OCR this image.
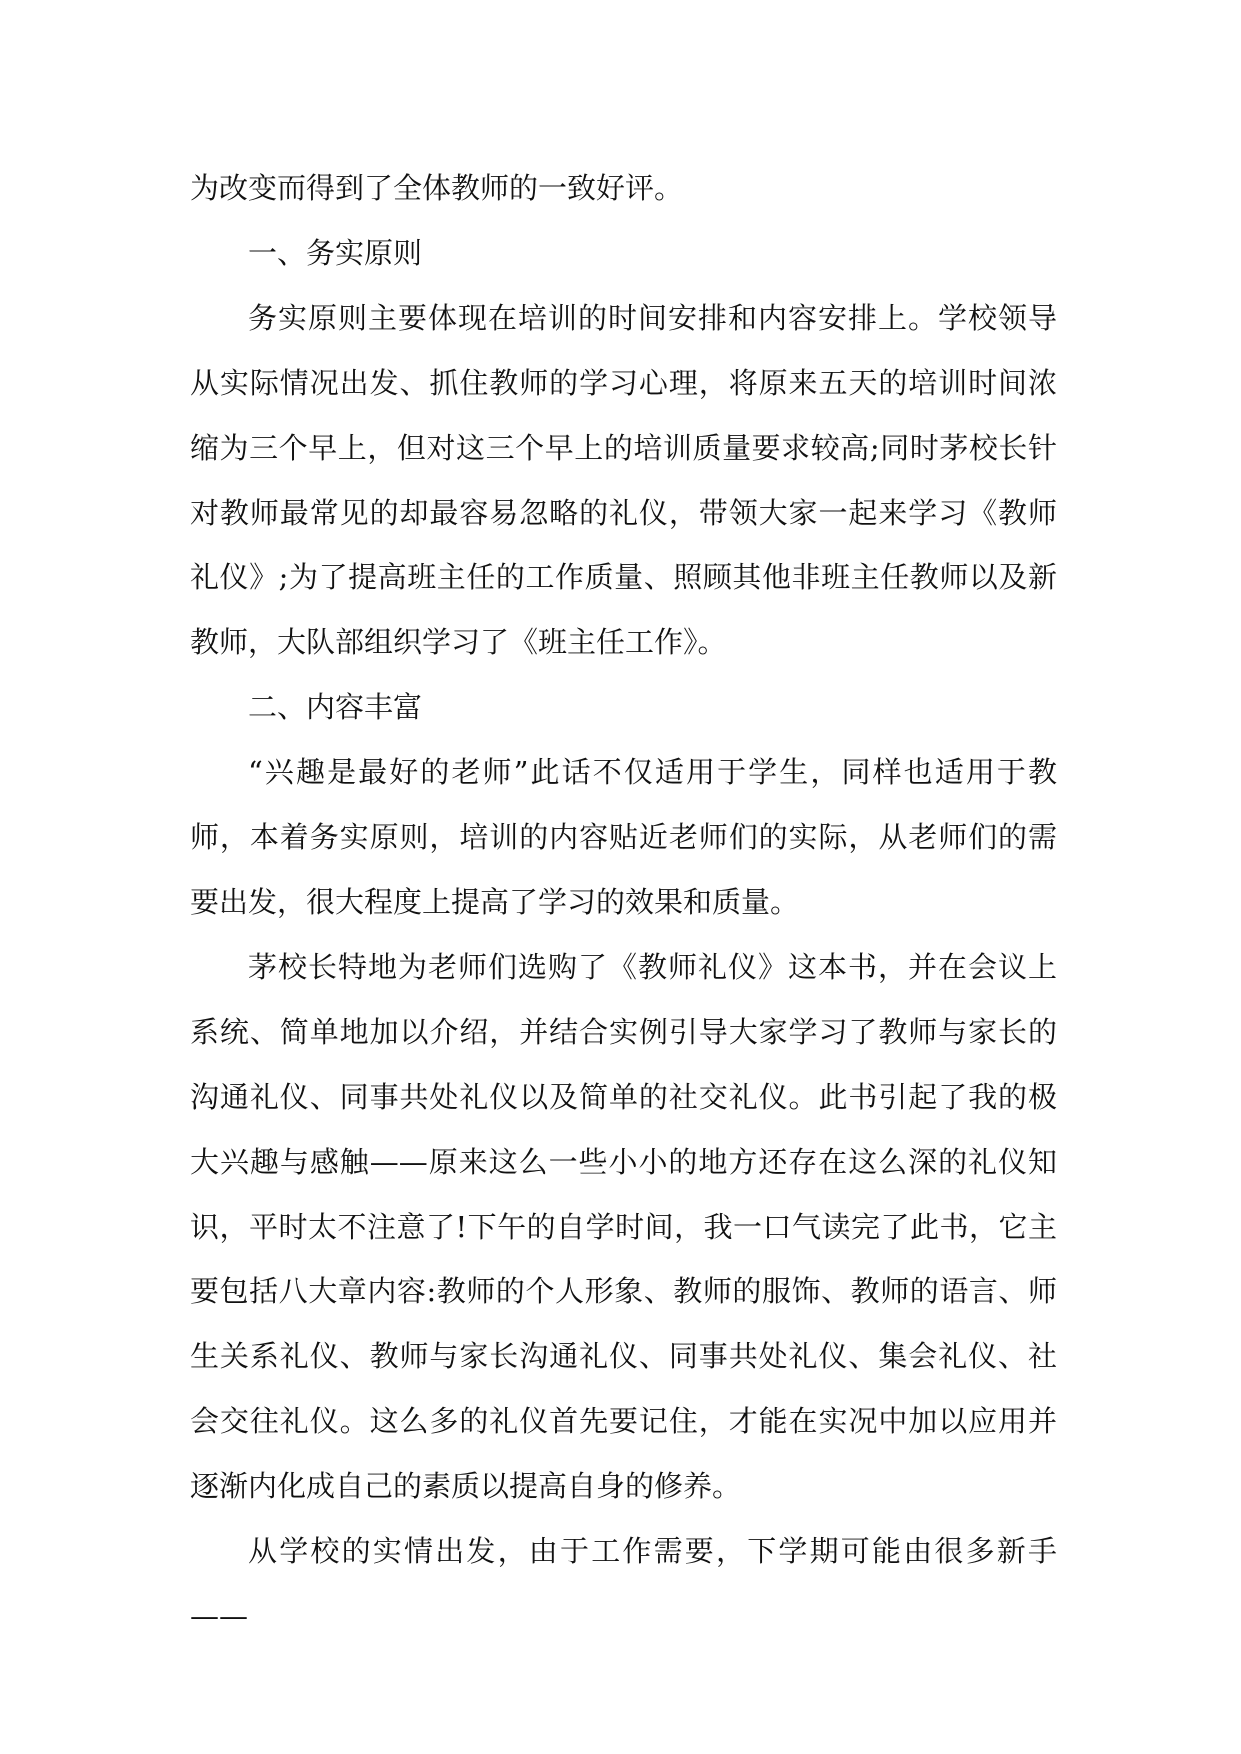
为改变而得到了全体教师的一致好评。

一、务实原则

务实原则主要体现在培训的时间安排和内容安排上。学校领导从实际情况出发、抓住教师的学习心理，将原来五天的培训时间浓缩为三个早上，但对这三个早上的培训质量要求较高;同时茅校长针对教师最常见的却最容易忽略的礼仪，带领大家一起来学习《教师礼仪》;为了提高班主任的工作质量、照顾其他非班主任教师以及新教师，大队部组织学习了《班主任工作》。

二、内容丰富

“兴趣是最好的老师”此话不仅适用于学生，同样也适用于教师，本着务实原则，培训的内容贴近老师们的实际，从老师们的需要出发，很大程度上提高了学习的效果和质量。

茅校长特地为老师们选购了《教师礼仪》这本书，并在会议上系统、简单地加以介绍，并结合实例引导大家学习了教师与家长的沟通礼仪、同事共处礼仪以及简单的社交礼仪。此书引起了我的极大兴趣与感触——原来这么一些小小的地方还存在这么深的礼仪知识，平时太不注意了!下午的自学时间，我一口气读完了此书，它主要包括八大章内容:教师的个人形象、教师的服饰、教师的语言、师生关系礼仪、教师与家长沟通礼仪、同事共处礼仪、集会礼仪、社会交往礼仪。这么多的礼仪首先要记住，才能在实况中加以应用并逐渐内化成自己的素质以提高自身的修养。

从学校的实情出发，由于工作需要，下学期可能由很多新手——
